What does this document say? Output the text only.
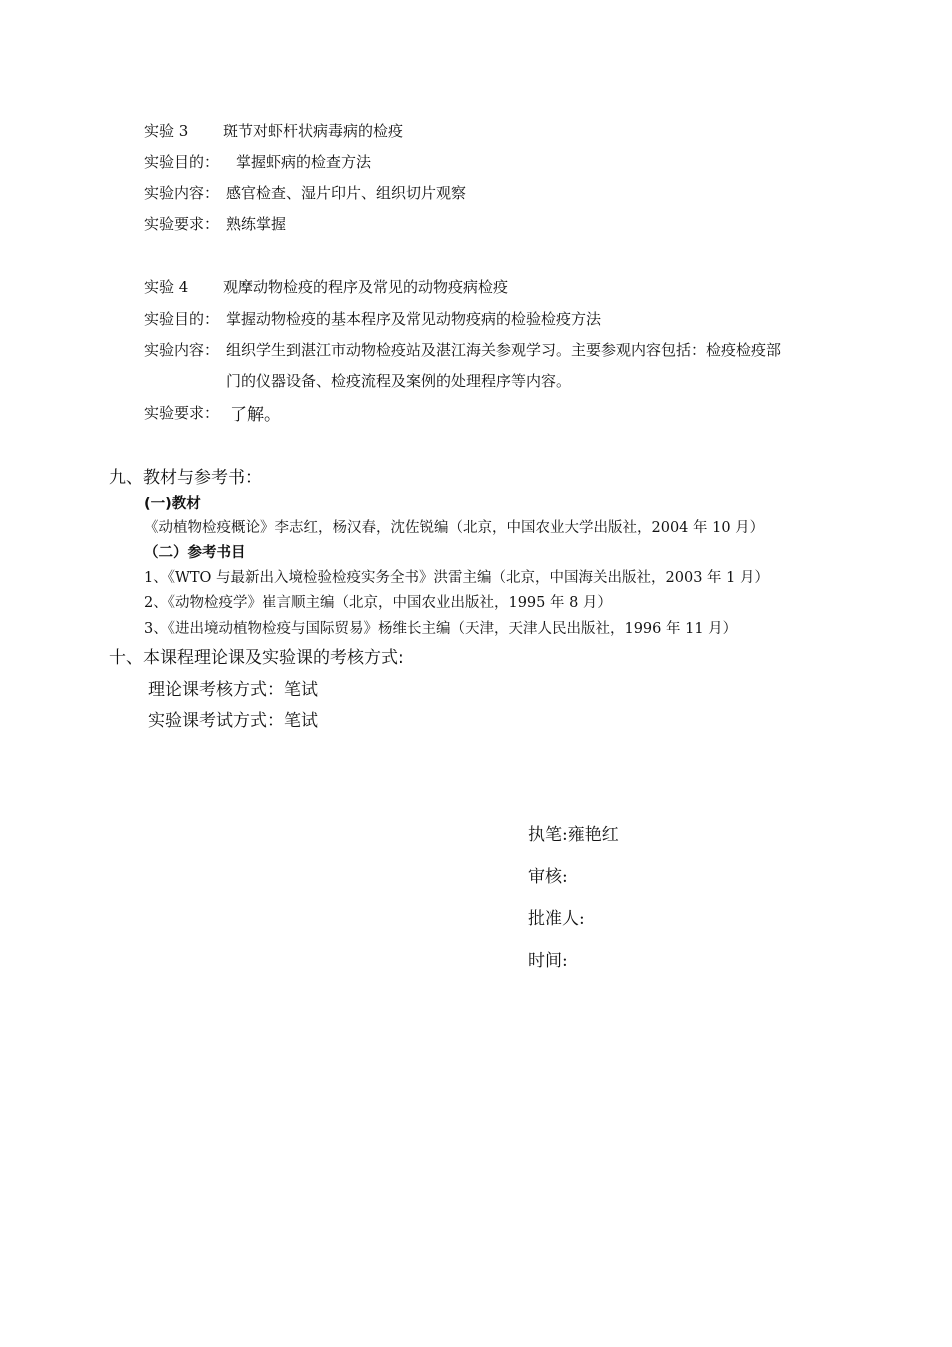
实验 3 斑节对虾杆状病毒病的检疫
实验目的： 掌握虾病的检查方法
实验内容： 感官检查、湿片印片、组织切片观察
实验要求： 熟练掌握
实验 4 观摩动物检疫的程序及常见的动物疫病检疫
实验目的： 掌握动物检疫的基本程序及常见动物疫病的检验检疫方法
实验内容： 组织学生到湛江市动物检疫站及湛江海关参观学习。主要参观内容包括：检疫检疫部
门的仪器设备、检疫流程及案例的处理程序等内容。
实验要求： 了解。
九、教材与参考书：
(一)教材
《动植物检疫概论》李志红，杨汉春，沈佐锐编（北京，中国农业大学出版社，2004 年 10 月）
（二）参考书目
1、《WTO 与最新出入境检验检疫实务全书》洪雷主编（北京，中国海关出版社，2003 年 1 月）
2、《动物检疫学》崔言顺主编（北京，中国农业出版社，1995 年 8 月）
3、《进出境动植物检疫与国际贸易》杨维长主编（天津，天津人民出版社，1996 年 11 月）
十、本课程理论课及实验课的考核方式:
理论课考核方式：笔试
实验课考试方式：笔试
执笔:雍艳红
审核:
批准人:
时间:
